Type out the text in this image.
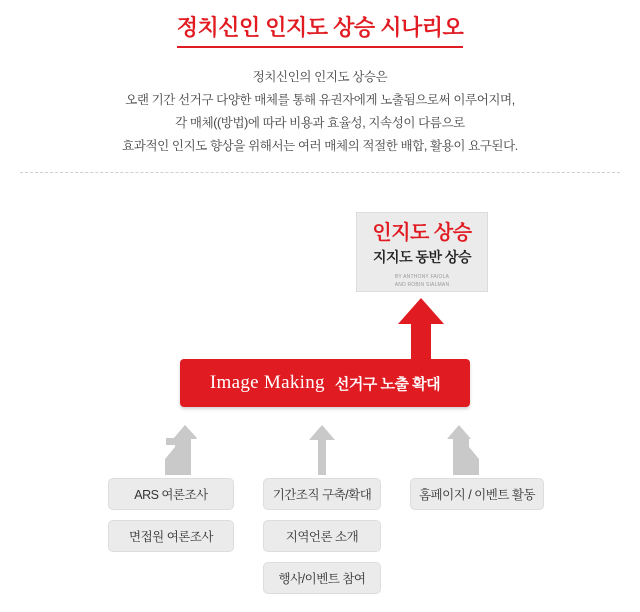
정치신인 인지도 상승 시나리오
정치신인의 인지도 상승은
오랜 기간 선거구 다양한 매체를 통해 유권자에게 노출됨으로써 이루어지며,
각 매체((방법)에 따라 비용과 효율성, 지속성이 다름으로
효과적인 인지도 향상을 위해서는 여러 매체의 적절한 배합, 활용이 요구된다.
인지도 상승
지지도 동반 상승
BY ANTHONY FAIOLA
AND ROBIN SIALMAN
Image Making 선거구 노출 확대
ARS 여론조사
면접원 여론조사
기간조직 구축/확대
지역언론 소개
행사/이벤트 참여
홈페이지 / 이벤트 활동
